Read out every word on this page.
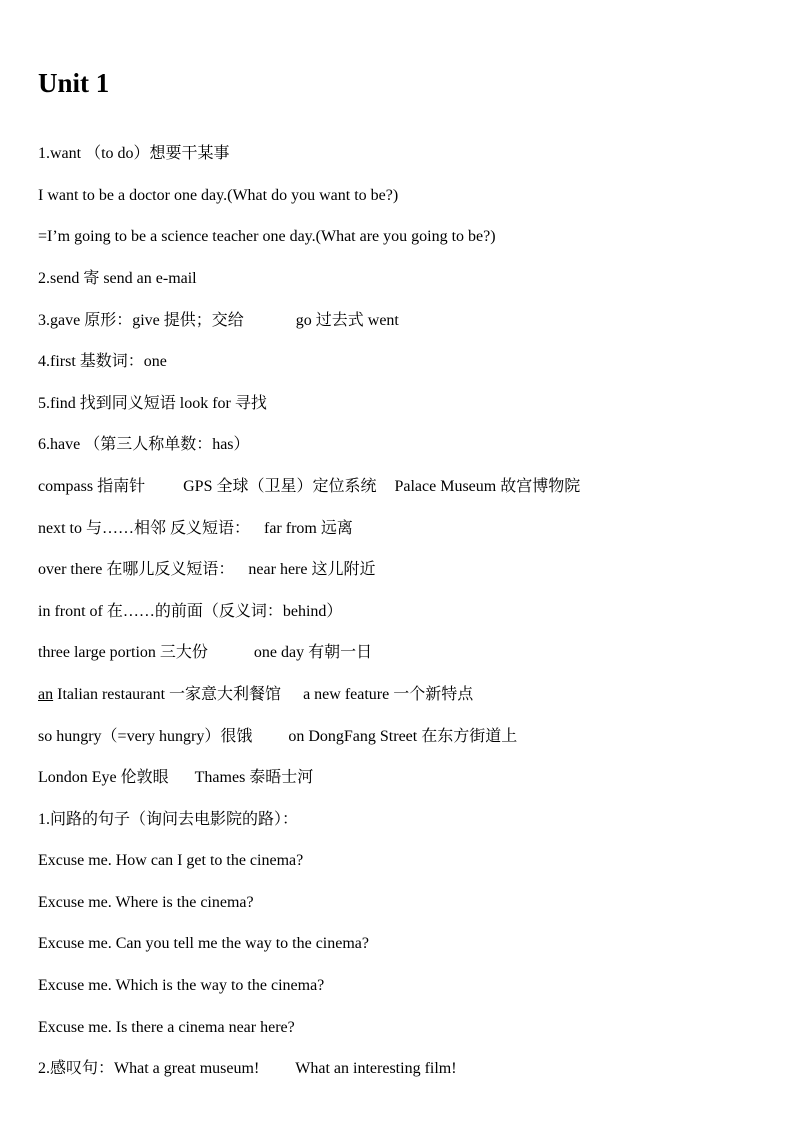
Unit 1
1.want （to do）想要干某事
I want to be a doctor one day.(What do you want to be?)
=I’m going to be a science teacher one day.(What are you going to be?)
2.send 寄 send an e-mail
3.gave 原形：give 提供；交给	go 过去式 went
4.first 基数词：one
5.find 找到同义短语 look for 寻找
6.have （第三人称单数：has）
compass 指南针 GPS 全球（卫星）定位系统 Palace Museum 故宫博物院
next to 与……相邻 反义短语： far from 远离
over there 在哪儿反义短语： near here 这儿附近
in front of 在……的前面（反义词：behind）
three large portion 三大份	one day 有朝一日
an Italian restaurant 一家意大利餐馆 a new feature 一个新特点
so hungry（=very hungry）很饿 on DongFang Street 在东方街道上
London Eye 伦敦眼 Thames 泰晤士河
1.问路的句子（询问去电影院的路）：
Excuse me. How can I get to the cinema?
Excuse me. Where is the cinema?
Excuse me. Can you tell me the way to the cinema?
Excuse me. Which is the way to the cinema?
Excuse me. Is there a cinema near here?
2.感叹句：What a great museum! What an interesting film!
